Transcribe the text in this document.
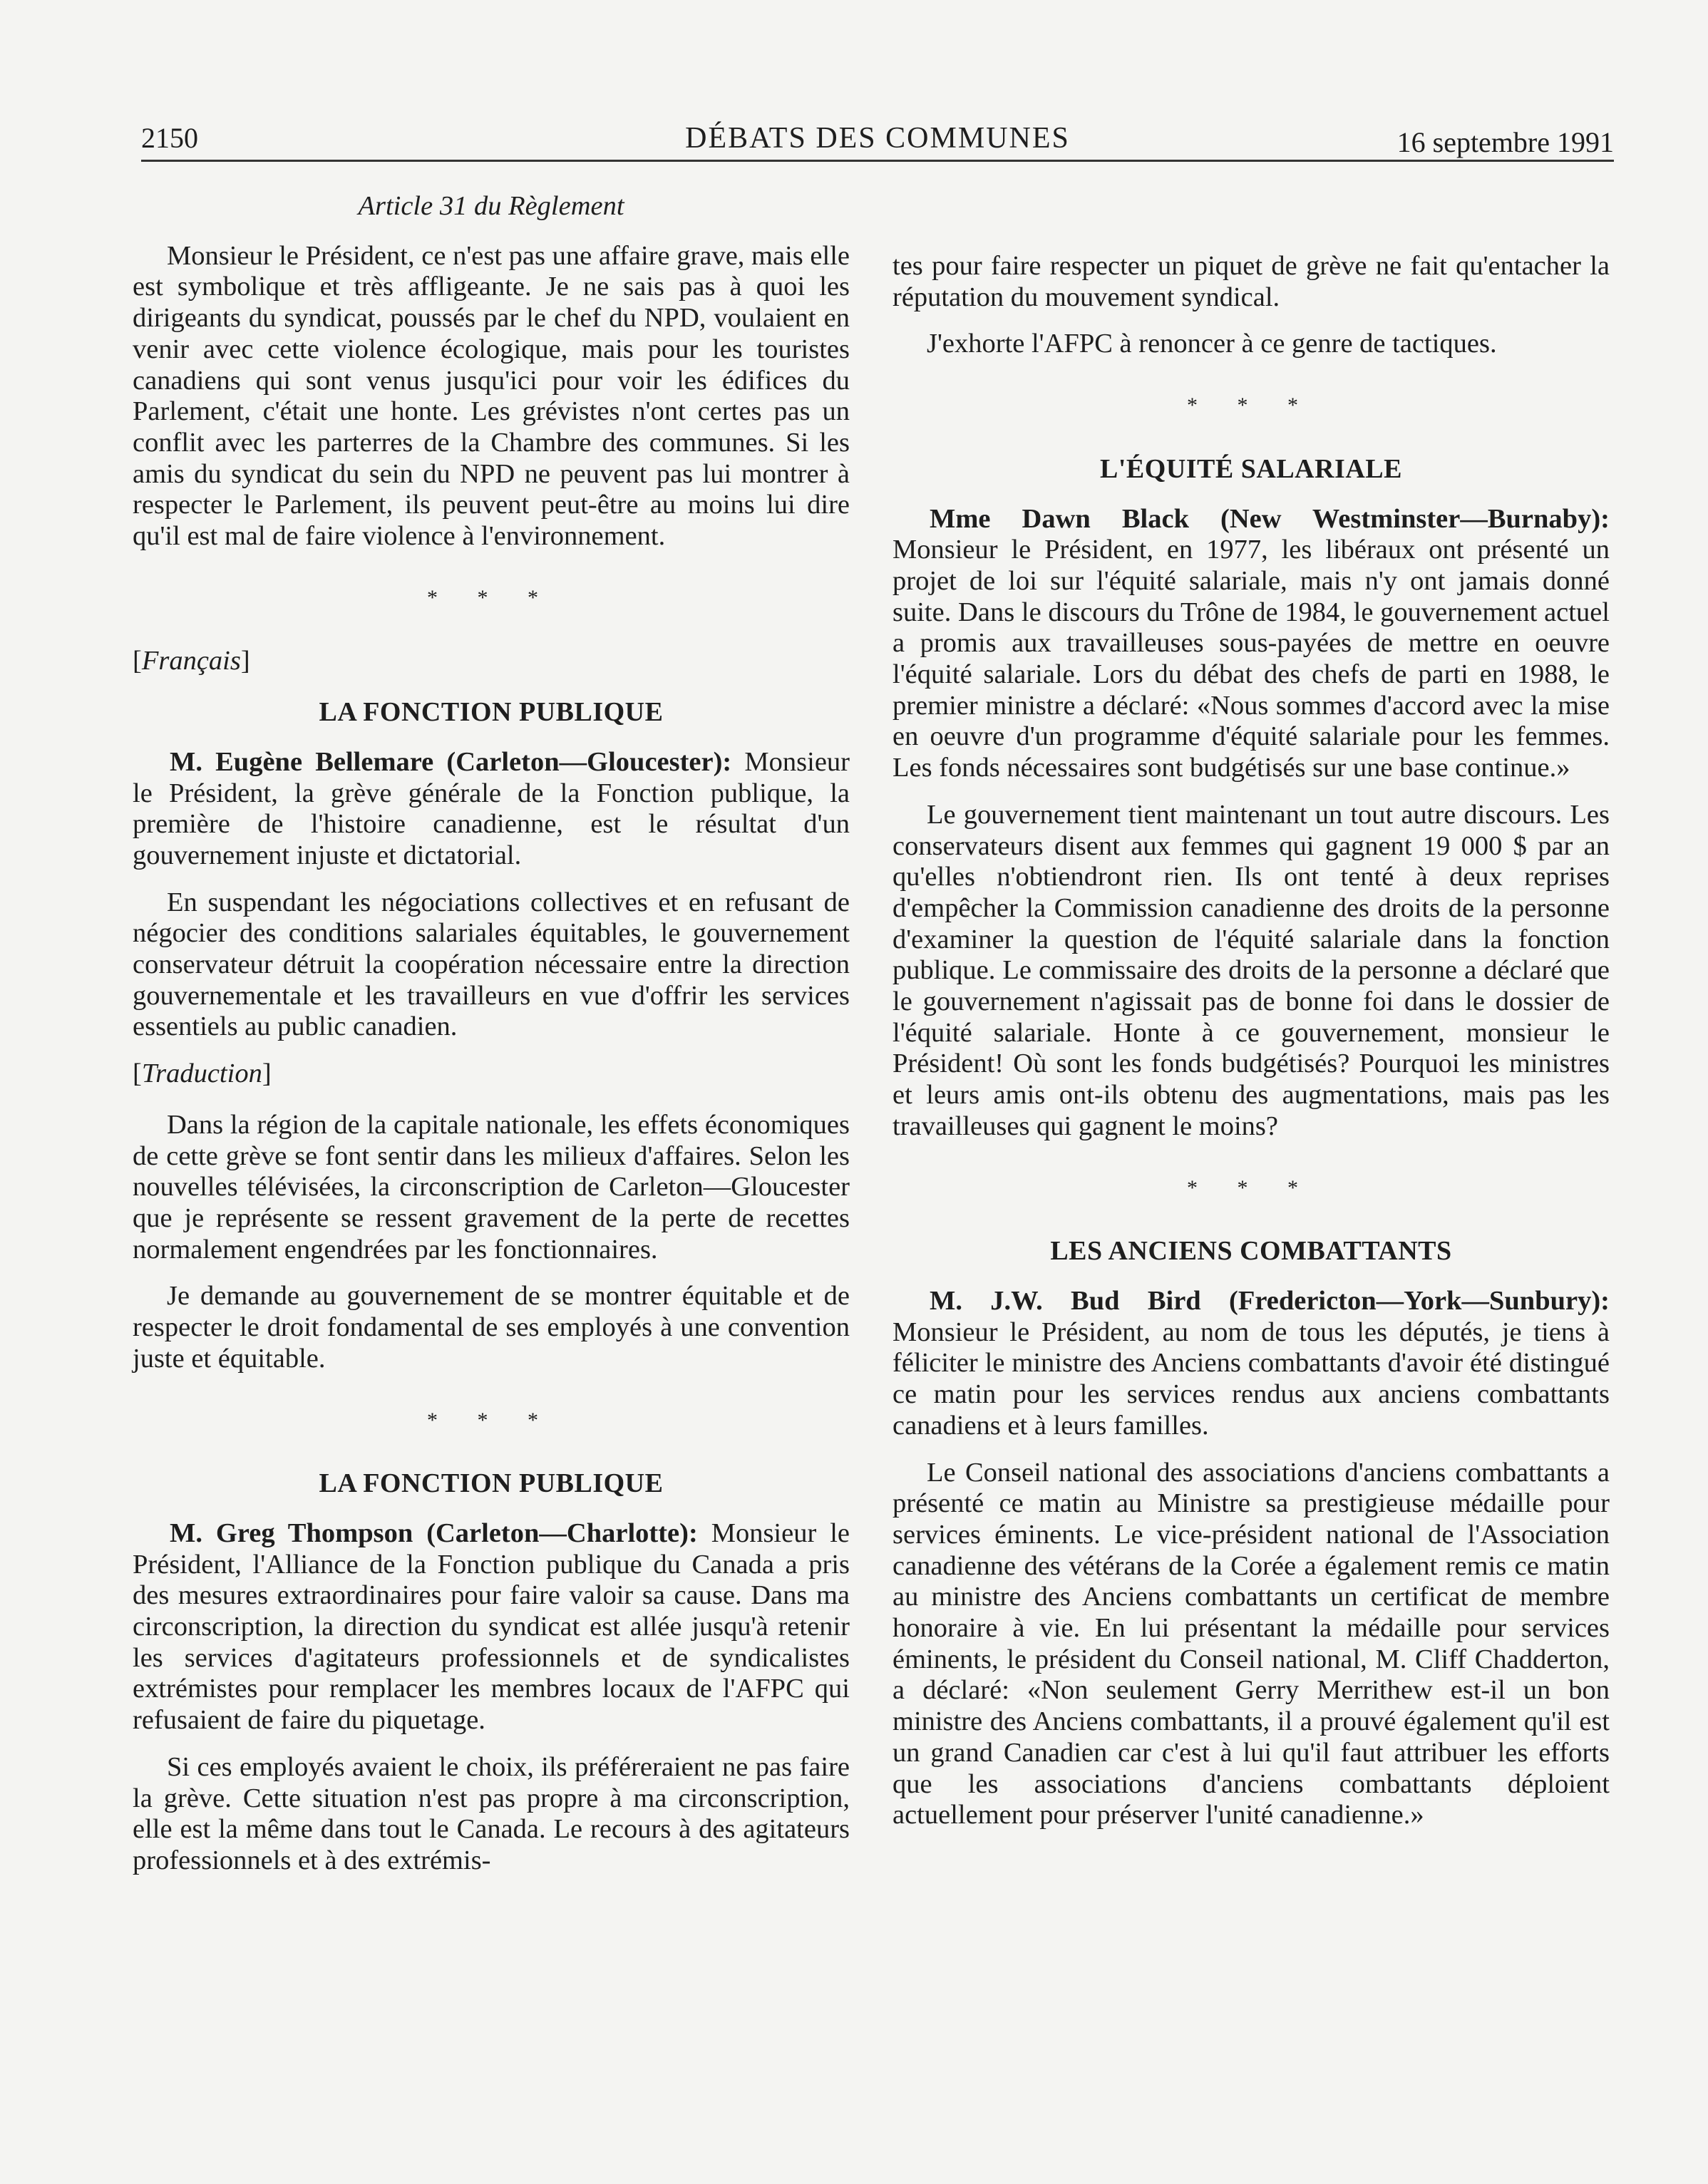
2150	DÉBATS DES COMMUNES	16 septembre 1991

Article 31 du Règlement

Monsieur le Président, ce n'est pas une affaire grave, mais elle est symbolique et très affligeante. Je ne sais pas à quoi les dirigeants du syndicat, poussés par le chef du NPD, voulaient en venir avec cette violence écologique, mais pour les touristes canadiens qui sont venus jusqu'ici pour voir les édifices du Parlement, c'était une honte. Les grévistes n'ont certes pas un conflit avec les parterres de la Chambre des communes. Si les amis du syndicat du sein du NPD ne peuvent pas lui montrer à respecter le Parlement, ils peuvent peut-être au moins lui dire qu'il est mal de faire violence à l'environnement.

* * *

[Français]

LA FONCTION PUBLIQUE

M. Eugène Bellemare (Carleton—Gloucester): Monsieur le Président, la grève générale de la Fonction publique, la première de l'histoire canadienne, est le résultat d'un gouvernement injuste et dictatorial.

En suspendant les négociations collectives et en refusant de négocier des conditions salariales équitables, le gouvernement conservateur détruit la coopération nécessaire entre la direction gouvernementale et les travailleurs en vue d'offrir les services essentiels au public canadien.

[Traduction]

Dans la région de la capitale nationale, les effets économiques de cette grève se font sentir dans les milieux d'affaires. Selon les nouvelles télévisées, la circonscription de Carleton—Gloucester que je représente se ressent gravement de la perte de recettes normalement engendrées par les fonctionnaires.

Je demande au gouvernement de se montrer équitable et de respecter le droit fondamental de ses employés à une convention juste et équitable.

* * *
LA FONCTION PUBLIQUE

M. Greg Thompson (Carleton—Charlotte): Monsieur le Président, l'Alliance de la Fonction publique du Canada a pris des mesures extraordinaires pour faire valoir sa cause. Dans ma circonscription, la direction du syndicat est allée jusqu'à retenir les services d'agitateurs professionnels et de syndicalistes extrémistes pour remplacer les membres locaux de l'AFPC qui refusaient de faire du piquetage.

Si ces employés avaient le choix, ils préféreraient ne pas faire la grève. Cette situation n'est pas propre à ma circonscription, elle est la même dans tout le Canada. Le recours à des agitateurs professionnels et à des extrémis-

tes pour faire respecter un piquet de grève ne fait qu'entacher la réputation du mouvement syndical.

J'exhorte l'AFPC à renoncer à ce genre de tactiques.

* * *
L'ÉQUITÉ SALARIALE

Mme Dawn Black (New Westminster—Burnaby): Monsieur le Président, en 1977, les libéraux ont présenté un projet de loi sur l'équité salariale, mais n'y ont jamais donné suite. Dans le discours du Trône de 1984, le gouvernement actuel a promis aux travailleuses sous-payées de mettre en oeuvre l'équité salariale. Lors du débat des chefs de parti en 1988, le premier ministre a déclaré: «Nous sommes d'accord avec la mise en oeuvre d'un programme d'équité salariale pour les femmes. Les fonds nécessaires sont budgétisés sur une base continue.»

Le gouvernement tient maintenant un tout autre discours. Les conservateurs disent aux femmes qui gagnent 19 000 $ par an qu'elles n'obtiendront rien. Ils ont tenté à deux reprises d'empêcher la Commission canadienne des droits de la personne d'examiner la question de l'équité salariale dans la fonction publique. Le commissaire des droits de la personne a déclaré que le gouvernement n'agissait pas de bonne foi dans le dossier de l'équité salariale. Honte à ce gouvernement, monsieur le Président! Où sont les fonds budgétisés? Pourquoi les ministres et leurs amis ont-ils obtenu des augmentations, mais pas les travailleuses qui gagnent le moins?

* * *
LES ANCIENS COMBATTANTS

M. J.W. Bud Bird (Fredericton—York—Sunbury): Monsieur le Président, au nom de tous les députés, je tiens à féliciter le ministre des Anciens combattants d'avoir été distingué ce matin pour les services rendus aux anciens combattants canadiens et à leurs familles.

Le Conseil national des associations d'anciens combattants a présenté ce matin au Ministre sa prestigieuse médaille pour services éminents. Le vice-président national de l'Association canadienne des vétérans de la Corée a également remis ce matin au ministre des Anciens combattants un certificat de membre honoraire à vie. En lui présentant la médaille pour services éminents, le président du Conseil national, M. Cliff Chadderton, a déclaré: «Non seulement Gerry Merrithew est-il un bon ministre des Anciens combattants, il a prouvé également qu'il est un grand Canadien car c'est à lui qu'il faut attribuer les efforts que les associations d'anciens combattants déploient actuellement pour préserver l'unité canadienne.»
